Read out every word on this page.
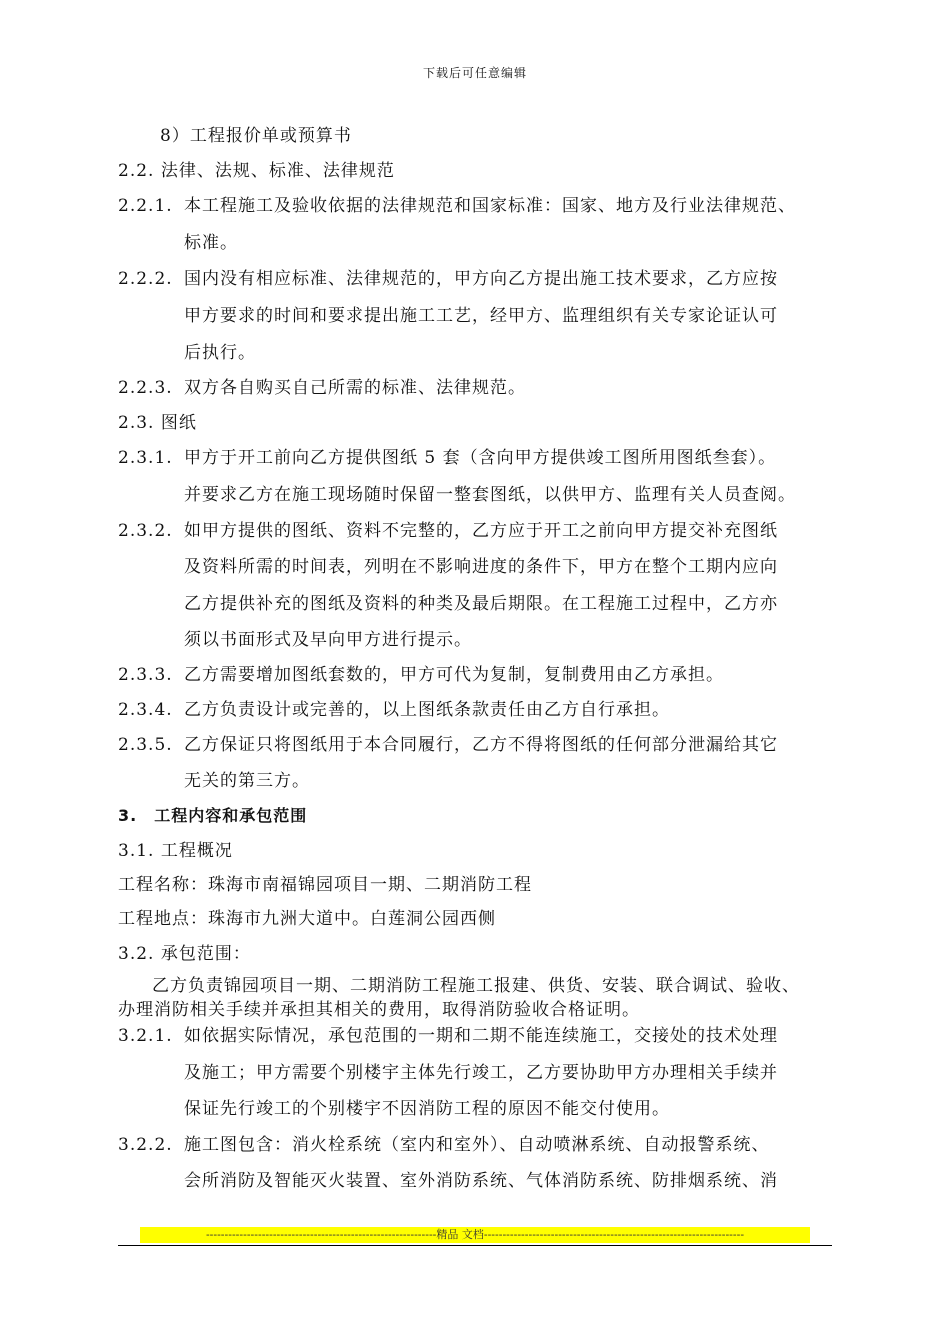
下载后可任意编辑
8）工程报价单或预算书
2.2. 法律、法规、标准、法律规范
2.2.1. 本工程施工及验收依据的法律规范和国家标准：国家、地方及行业法律规范、
标准。
2.2.2. 国内没有相应标准、法律规范的，甲方向乙方提出施工技术要求，乙方应按
甲方要求的时间和要求提出施工工艺，经甲方、监理组织有关专家论证认可
后执行。
2.2.3. 双方各自购买自己所需的标准、法律规范。
2.3. 图纸
2.3.1. 甲方于开工前向乙方提供图纸 5 套（含向甲方提供竣工图所用图纸叁套）。
并要求乙方在施工现场随时保留一整套图纸，以供甲方、监理有关人员查阅。
2.3.2. 如甲方提供的图纸、资料不完整的，乙方应于开工之前向甲方提交补充图纸
及资料所需的时间表，列明在不影响进度的条件下，甲方在整个工期内应向
乙方提供补充的图纸及资料的种类及最后期限。在工程施工过程中，乙方亦
须以书面形式及早向甲方进行提示。
2.3.3. 乙方需要增加图纸套数的，甲方可代为复制，复制费用由乙方承担。
2.3.4. 乙方负责设计或完善的，以上图纸条款责任由乙方自行承担。
2.3.5. 乙方保证只将图纸用于本合同履行，乙方不得将图纸的任何部分泄漏给其它
无关的第三方。
3.　工程内容和承包范围
3.1. 工程概况
工程名称：珠海市南福锦园项目一期、二期消防工程
工程地点：珠海市九洲大道中。白莲洞公园西侧
3.2. 承包范围：
乙方负责锦园项目一期、二期消防工程施工报建、供货、安装、联合调试、验收、
办理消防相关手续并承担其相关的费用，取得消防验收合格证明。
3.2.1. 如依据实际情况，承包范围的一期和二期不能连续施工，交接处的技术处理
及施工；甲方需要个别楼宇主体先行竣工，乙方要协助甲方办理相关手续并
保证先行竣工的个别楼宇不因消防工程的原因不能交付使用。
3.2.2. 施工图包含：消火栓系统（室内和室外）、自动喷淋系统、自动报警系统、
会所消防及智能灭火装置、室外消防系统、气体消防系统、防排烟系统、消
--------------------------------------------------------------精品 文档----------------------------------------------------------------------
